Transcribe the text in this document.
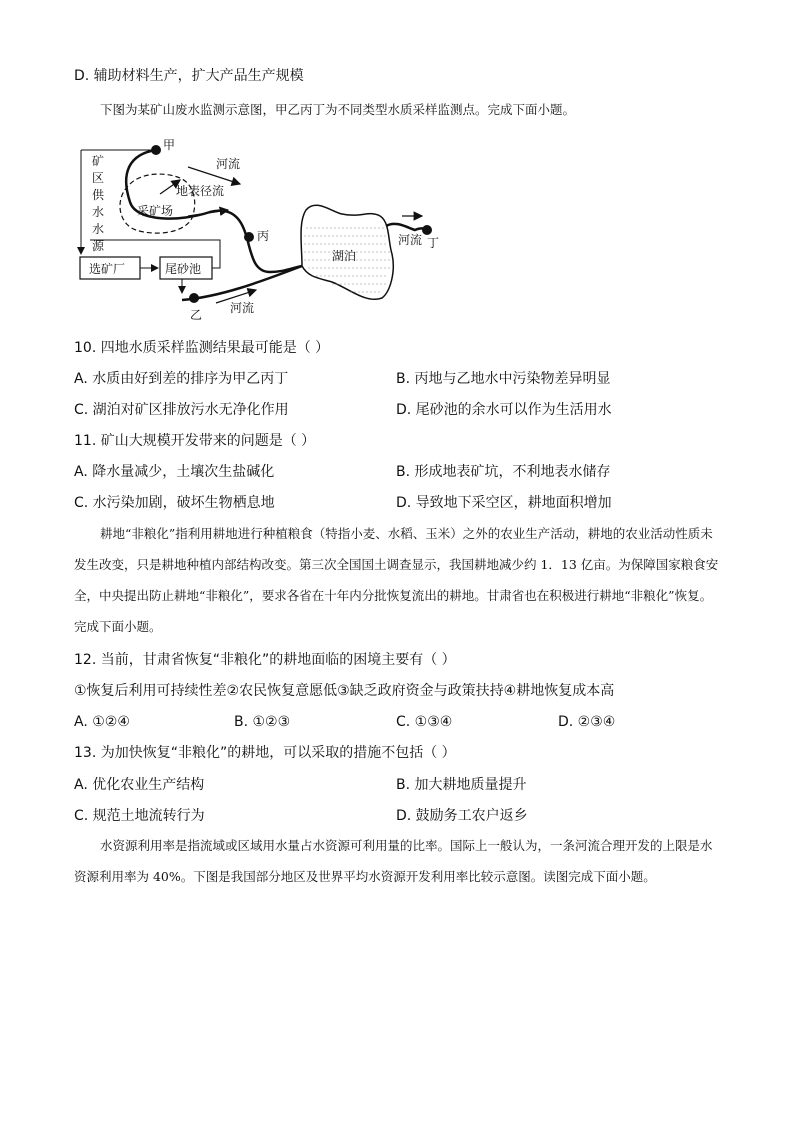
D. 辅助材料生产，扩大产品生产规模
下图为某矿山废水监测示意图，甲乙丙丁为不同类型水质采样监测点。完成下面小题。
甲
河流
采矿场
地表径流
丙
湖泊
丁
河流
矿
区
供
水
水
源
选矿厂	尾砂池
乙 河流
10. 四地水质采样监测结果最可能是（ ）
A. 水质由好到差的排序为甲乙丙丁	B. 丙地与乙地水中污染物差异明显
C. 湖泊对矿区排放污水无净化作用	D. 尾砂池的余水可以作为生活用水
11. 矿山大规模开发带来的问题是（ ）
A. 降水量减少，土壤次生盐碱化	B. 形成地表矿坑，不利地表水储存
C. 水污染加剧，破坏生物栖息地	D. 导致地下采空区，耕地面积增加
耕地“非粮化”指利用耕地进行种植粮食（特指小麦、水稻、玉米）之外的农业生产活动，耕地的农业活动性质未发生改变，只是耕地种植内部结构改变。第三次全国国土调查显示，我国耕地减少约 1．13 亿亩。为保障国家粮食安全，中央提出防止耕地“非粮化”，要求各省在十年内分批恢复流出的耕地。甘肃省也在积极进行耕地“非粮化”恢复。完成下面小题。
12. 当前，甘肃省恢复“非粮化”的耕地面临的困境主要有（ ）
①恢复后利用可持续性差②农民恢复意愿低③缺乏政府资金与政策扶持④耕地恢复成本高
A. ①②④	B. ①②③	C. ①③④	D. ②③④
13. 为加快恢复“非粮化”的耕地，可以采取的措施不包括（ ）
A. 优化农业生产结构	B. 加大耕地质量提升
C. 规范土地流转行为	D. 鼓励务工农户返乡
水资源利用率是指流域或区域用水量占水资源可利用量的比率。国际上一般认为，一条河流合理开发的上限是水资源利用率为 40%。下图是我国部分地区及世界平均水资源开发利用率比较示意图。读图完成下面小题。
